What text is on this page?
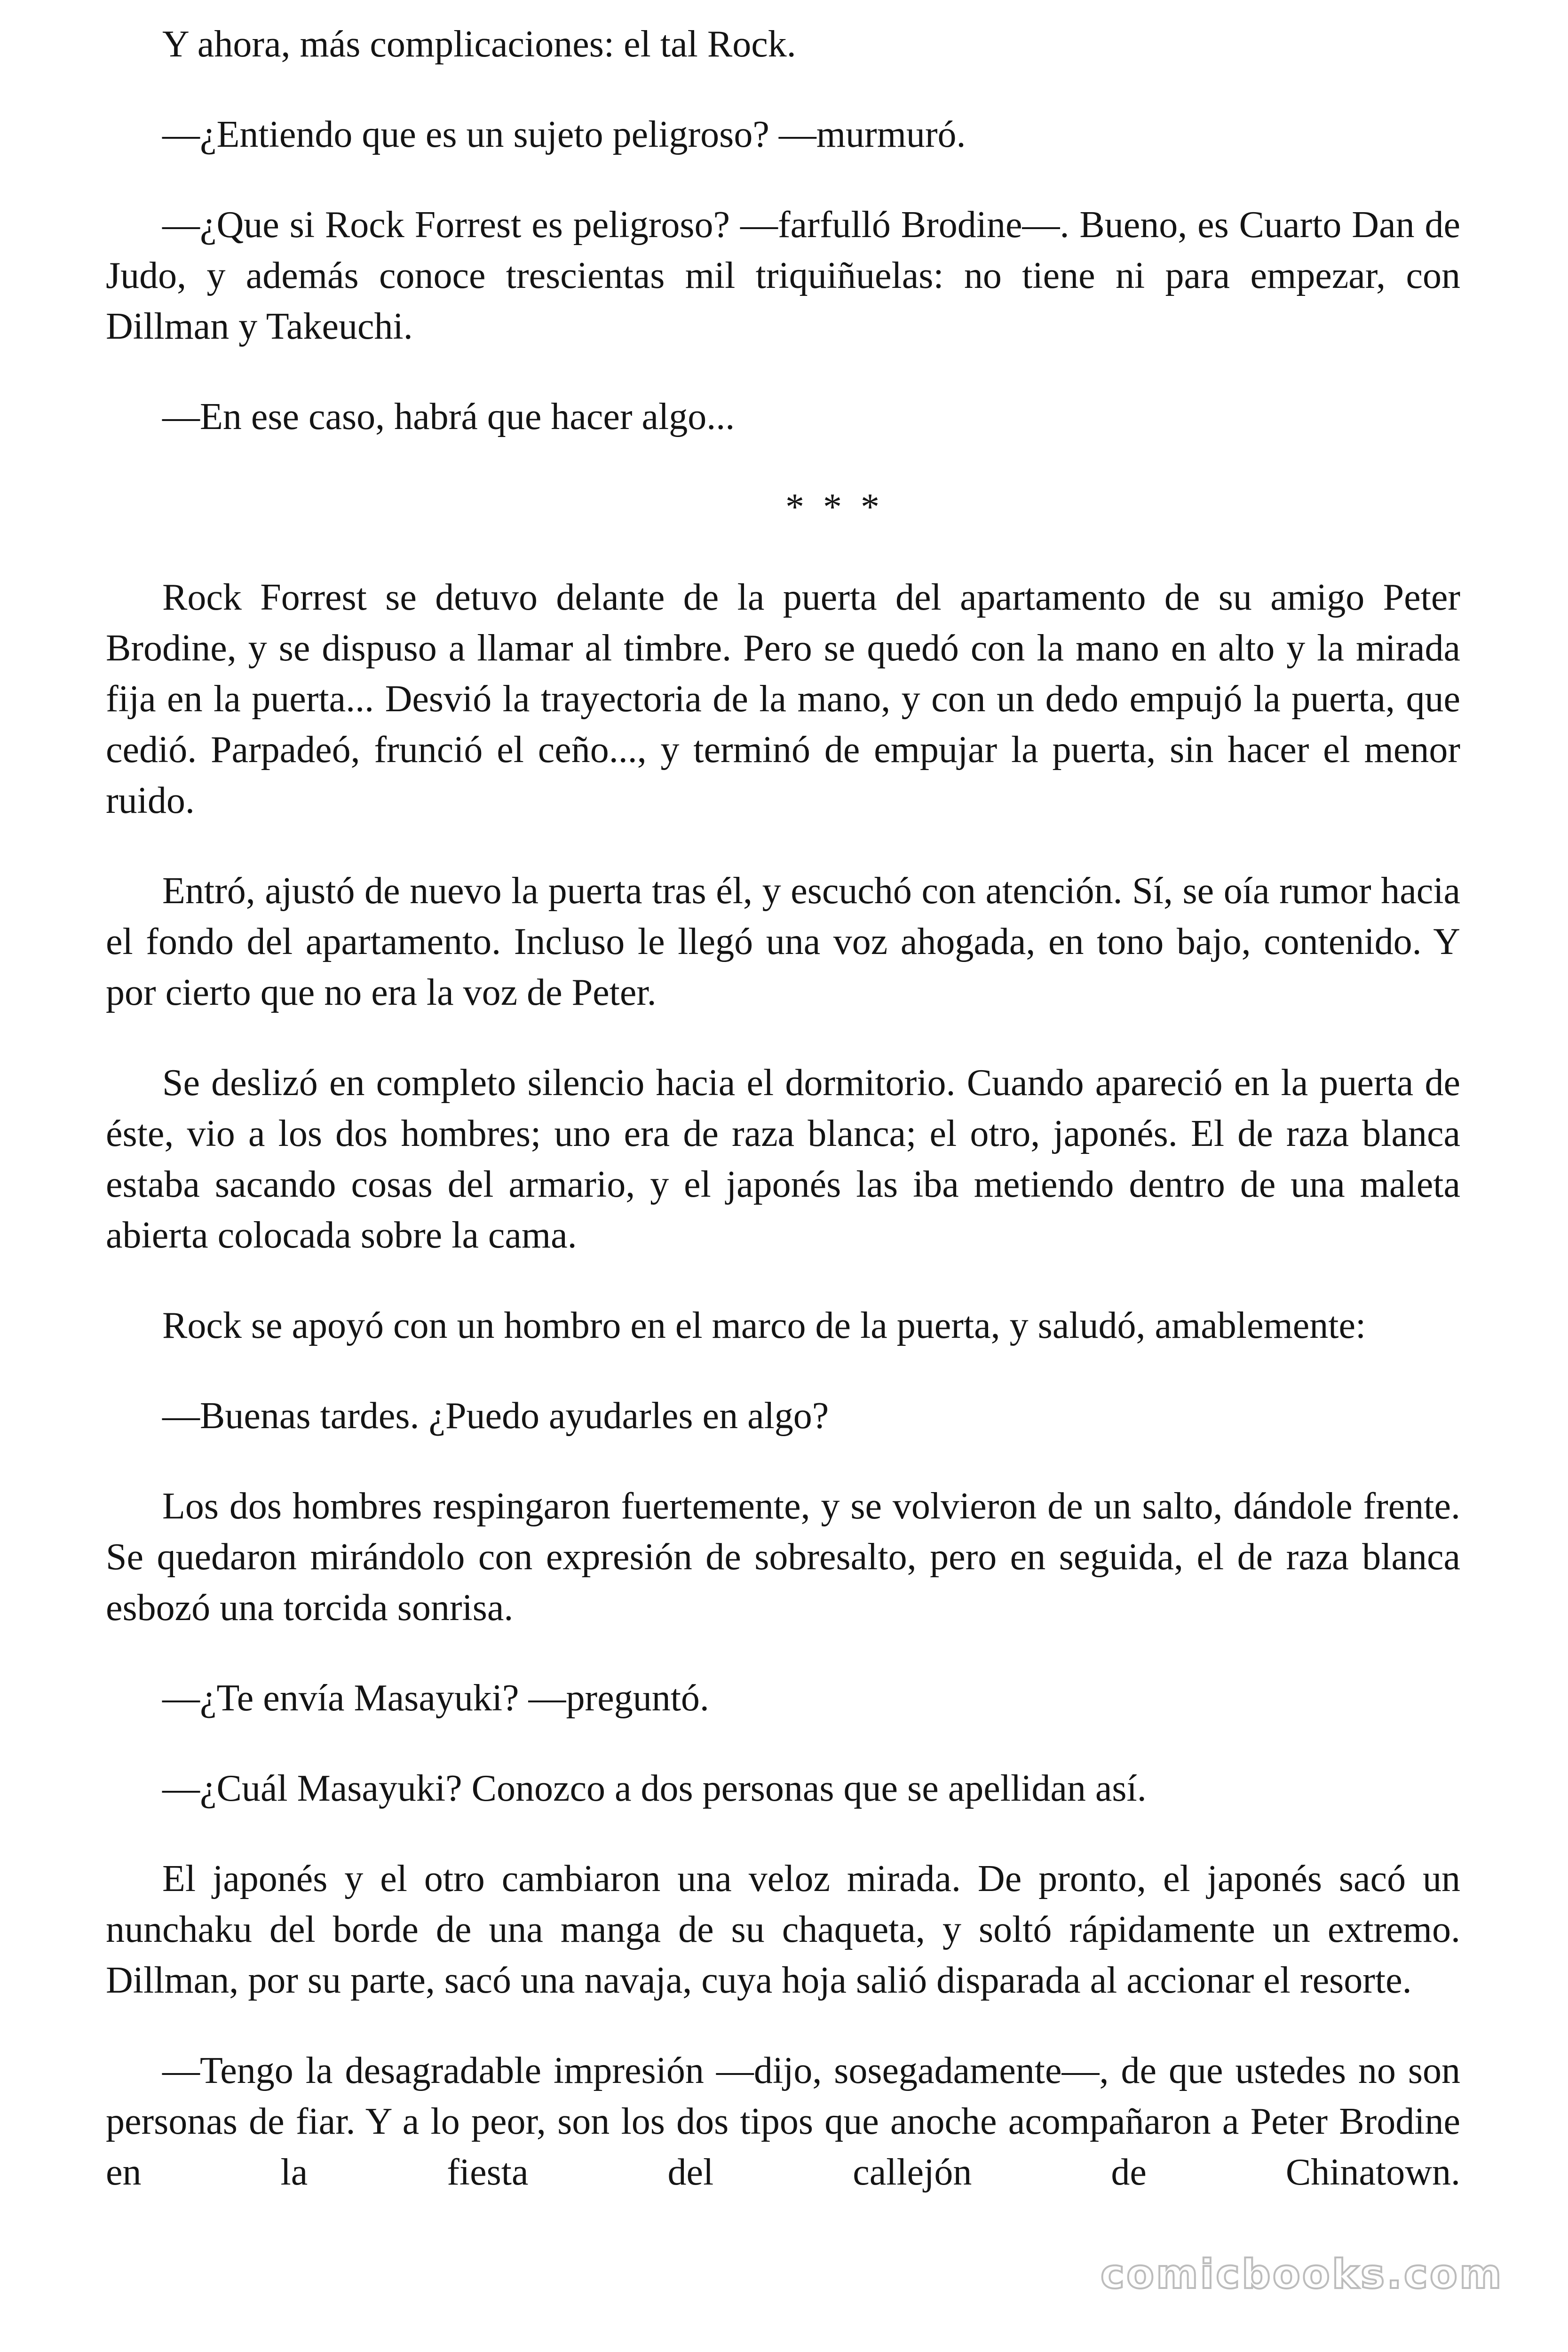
Y ahora, más complicaciones: el tal Rock.

—¿Entiendo que es un sujeto peligroso? —murmuró.

—¿Que si Rock Forrest es peligroso? —farfulló Brodine—. Bueno, es Cuarto Dan de Judo, y además conoce trescientas mil triquiñuelas: no tiene ni para empezar, con Dillman y Takeuchi.

—En ese caso, habrá que hacer algo...

* * *

Rock Forrest se detuvo delante de la puerta del apartamento de su amigo Peter Brodine, y se dispuso a llamar al timbre. Pero se quedó con la mano en alto y la mirada fija en la puerta... Desvió la trayectoria de la mano, y con un dedo empujó la puerta, que cedió. Parpadeó, frunció el ceño..., y terminó de empujar la puerta, sin hacer el menor ruido.

Entró, ajustó de nuevo la puerta tras él, y escuchó con atención. Sí, se oía rumor hacia el fondo del apartamento. Incluso le llegó una voz ahogada, en tono bajo, contenido. Y por cierto que no era la voz de Peter.

Se deslizó en completo silencio hacia el dormitorio. Cuando apareció en la puerta de éste, vio a los dos hombres; uno era de raza blanca; el otro, japonés. El de raza blanca estaba sacando cosas del armario, y el japonés las iba metiendo dentro de una maleta abierta colocada sobre la cama.

Rock se apoyó con un hombro en el marco de la puerta, y saludó, amablemente:

—Buenas tardes. ¿Puedo ayudarles en algo?

Los dos hombres respingaron fuertemente, y se volvieron de un salto, dándole frente. Se quedaron mirándolo con expresión de sobresalto, pero en seguida, el de raza blanca esbozó una torcida sonrisa.

—¿Te envía Masayuki? —preguntó.

—¿Cuál Masayuki? Conozco a dos personas que se apellidan así.

El japonés y el otro cambiaron una veloz mirada. De pronto, el japonés sacó un nunchaku del borde de una manga de su chaqueta, y soltó rápidamente un extremo. Dillman, por su parte, sacó una navaja, cuya hoja salió disparada al accionar el resorte.

—Tengo la desagradable impresión —dijo, sosegadamente—, de que ustedes no son personas de fiar. Y a lo peor, son los dos tipos que anoche acompañaron a Peter Brodine en la fiesta del callejón de Chinatown.

comicbooks.com
